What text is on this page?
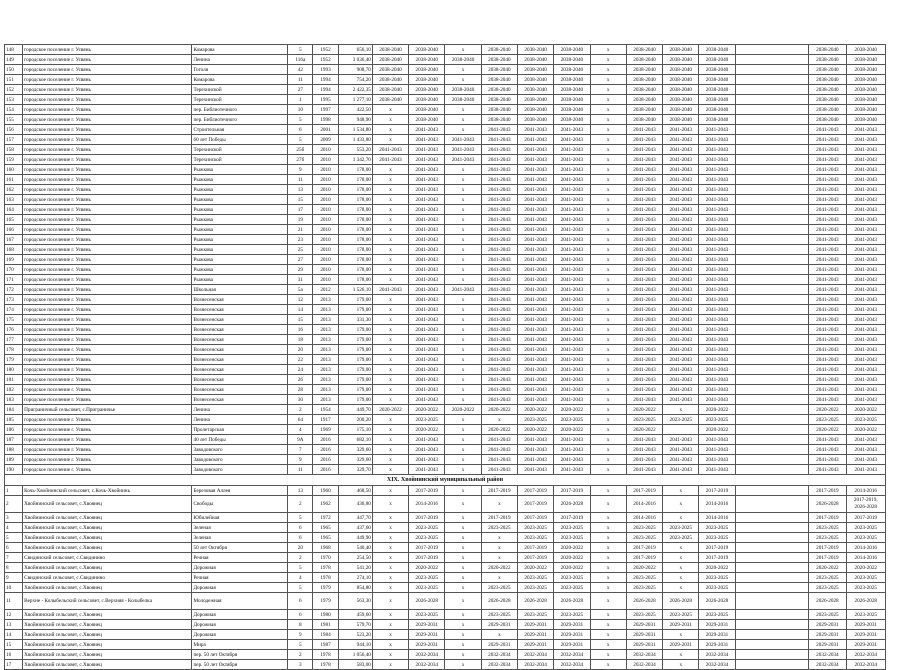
148	городское поселение г. Усвянь	Комарова	5	1952	656,10	2038-2040	2038-2040	x	2038-2040	2038-2040	2038-2040	x	2038-2040	2038-2040	2038-2040		2038-2040	2038-2040
149	городское поселение г. Усвянь	Ленина	116а	1952	3 036,40	2038-2040	2038-2040	2038-2040	2038-2040	2038-2040	2038-2040	x	2038-2040	2038-2040	2038-2040		2038-2040	2038-2040
150	городское поселение г. Усвянь	Гоголя	42	1993	908,70	2038-2040	2038-2040	x	2038-2040	2038-2040	2038-2040	x	2038-2040	2038-2040	2038-2040		2038-2040	2038-2040
151	городское поселение г. Усвянь	Комарова	11	1994	754,20	2038-2040	2038-2040	x	2038-2040	2038-2040	2038-2040	x	2038-2040	2038-2040	2038-2040		2038-2040	2038-2040
152	городское поселение г. Усвянь	Терехинской	27	1994	2 422,35	2038-2040	2038-2040	2038-2040	2038-2040	2038-2040	2038-2040	x	2038-2040	2038-2040	2038-2040		2038-2040	2038-2040
153	городское поселение г. Усвянь	Терехинской	1	1995	1 277,10	2038-2040	2038-2040	2038-2040	2038-2040	2038-2040	2038-2040	x	2038-2040	2038-2040	2038-2040		2038-2040	2038-2040
154	городское поселение г. Усвянь	пер. Библиотечного	10	1997	422,50	x	2038-2040	x	2038-2040	2038-2040	2038-2040	x	2038-2040	2038-2040	2038-2040		2038-2040	2038-2040
155	городское поселение г. Усвянь	пер. Библиотечного	5	1998	948,90	x	2038-2040	x	2038-2040	2038-2040	2038-2040	x	2038-2040	2038-2040	2038-2040		2038-2040	2038-2040
156	городское поселение г. Усвянь	Строительная	6	2001	1 534,80	x	2041-2043	x	2041-2043	2041-2043	2041-2043	x	2041-2043	2041-2043	2041-2043		2041-2043	2041-2043
157	городское поселение г. Усвянь	60 лет Победы	5	2009	1 433,80	x	2041-2043	2041-2043	2041-2043	2041-2043	2041-2043	x	2041-2043	2041-2043	2041-2043		2041-2043	2041-2043
158	городское поселение г. Усвянь	Терехинской	25б	2010	553,20	2041-2043	2041-2043	2041-2043	2041-2043	2041-2043	2041-2043	x	2041-2043	2041-2043	2041-2043		2041-2043	2041-2043
159	городское поселение г. Усвянь	Терехинской	27б	2010	1 342,70	2041-2043	2041-2043	2041-2043	2041-2043	2041-2043	2041-2043	x	2041-2043	2041-2043	2041-2043		2041-2043	2041-2043
160	городское поселение г. Усвянь	Рыжкова	9	2010	178,00	x	2041-2043	x	2041-2043	2041-2043	2041-2043	x	2041-2043	2041-2043	2041-2043		2041-2043	2041-2043
161	городское поселение г. Усвянь	Рыжкова	11	2010	178,00	x	2041-2043	x	2041-2043	2041-2043	2041-2043	x	2041-2043	2041-2043	2041-2043		2041-2043	2041-2043
162	городское поселение г. Усвянь	Рыжкова	13	2010	178,00	x	2041-2043	x	2041-2043	2041-2043	2041-2043	x	2041-2043	2041-2043	2041-2043		2041-2043	2041-2043
163	городское поселение г. Усвянь	Рыжкова	15	2010	178,00	x	2041-2043	x	2041-2043	2041-2043	2041-2043	x	2041-2043	2041-2043	2041-2043		2041-2043	2041-2043
164	городское поселение г. Усвянь	Рыжкова	17	2010	178,00	x	2041-2043	x	2041-2043	2041-2043	2041-2043	x	2041-2043	2041-2043	2041-2043		2041-2043	2041-2043
165	городское поселение г. Усвянь	Рыжкова	19	2010	178,00	x	2041-2043	x	2041-2043	2041-2043	2041-2043	x	2041-2043	2041-2043	2041-2043		2041-2043	2041-2043
166	городское поселение г. Усвянь	Рыжкова	21	2010	178,00	x	2041-2043	x	2041-2043	2041-2043	2041-2043	x	2041-2043	2041-2043	2041-2043		2041-2043	2041-2043
167	городское поселение г. Усвянь	Рыжкова	23	2010	178,00	x	2041-2043	x	2041-2043	2041-2043	2041-2043	x	2041-2043	2041-2043	2041-2043		2041-2043	2041-2043
168	городское поселение г. Усвянь	Рыжкова	25	2010	178,00	x	2041-2043	x	2041-2043	2041-2043	2041-2043	x	2041-2043	2041-2043	2041-2043		2041-2043	2041-2043
169	городское поселение г. Усвянь	Рыжкова	27	2010	178,00	x	2041-2043	x	2041-2043	2041-2043	2041-2043	x	2041-2043	2041-2043	2041-2043		2041-2043	2041-2043
170	городское поселение г. Усвянь	Рыжкова	29	2010	178,00	x	2041-2043	x	2041-2043	2041-2043	2041-2043	x	2041-2043	2041-2043	2041-2043		2041-2043	2041-2043
171	городское поселение г. Усвянь	Рыжкова	31	2010	178,00	x	2041-2043	x	2041-2043	2041-2043	2041-2043	x	2041-2043	2041-2043	2041-2043		2041-2043	2041-2043
172	городское поселение г. Усвянь	Школьная	5а	2012	1 526,10	2041-2043	2041-2043	2041-2043	2041-2043	2041-2043	2041-2043	x	2041-2043	2041-2043	2041-2043		2041-2043	2041-2043
173	городское поселение г. Усвянь	Вознесенская	12	2013	179,00	x	2041-2043	x	2041-2043	2041-2043	2041-2043	x	2041-2043	2041-2043	2041-2043		2041-2043	2041-2043
174	городское поселение г. Усвянь	Вознесенская	14	2013	179,00	x	2041-2043	x	2041-2043	2041-2043	2041-2043	x	2041-2043	2041-2043	2041-2043		2041-2043	2041-2043
175	городское поселение г. Усвянь	Вознесенская	15	2013	331,30	x	2041-2043	x	2041-2043	2041-2043	2041-2043	x	2041-2043	2041-2043	2041-2043		2041-2043	2041-2043
176	городское поселение г. Усвянь	Вознесенская	16	2013	179,00	x	2041-2043	x	2041-2043	2041-2043	2041-2043	x	2041-2043	2041-2043	2041-2043		2041-2043	2041-2043
177	городское поселение г. Усвянь	Вознесенская	18	2013	179,00	x	2041-2043	x	2041-2043	2041-2043	2041-2043	x	2041-2043	2041-2043	2041-2043		2041-2043	2041-2043
178	городское поселение г. Усвянь	Вознесенская	20	2013	179,00	x	2041-2043	x	2041-2043	2041-2043	2041-2043	x	2041-2043	2041-2043	2041-2043		2041-2043	2041-2043
179	городское поселение г. Усвянь	Вознесенская	22	2013	179,00	x	2041-2043	x	2041-2043	2041-2043	2041-2043	x	2041-2043	2041-2043	2041-2043		2041-2043	2041-2043
180	городское поселение г. Усвянь	Вознесенская	24	2013	179,00	x	2041-2043	x	2041-2043	2041-2043	2041-2043	x	2041-2043	2041-2043	2041-2043		2041-2043	2041-2043
181	городское поселение г. Усвянь	Вознесенская	26	2013	179,00	x	2041-2043	x	2041-2043	2041-2043	2041-2043	x	2041-2043	2041-2043	2041-2043		2041-2043	2041-2043
182	городское поселение г. Усвянь	Вознесенская	28	2013	179,00	x	2041-2043	x	2041-2043	2041-2043	2041-2043	x	2041-2043	2041-2043	2041-2043		2041-2043	2041-2043
183	городское поселение г. Усвянь	Вознесенская	30	2013	179,00	x	2041-2043	x	2041-2043	2041-2043	2041-2043	x	2041-2043	2041-2043	2041-2043		2041-2043	2041-2043
184	Приграничный сельсовет, с.Приграничье	Ленина	2	1954	449,70	2020-2022	2020-2022	2020-2022	2020-2022	2020-2022	2020-2022	x	2020-2022	x	2020-2022		2020-2022	2020-2022
185	городское поселение г. Усвянь	Ленина	64	1917	200,20	x	2023-2025	x	x	2023-2025	2023-2025	x	2023-2025	2023-2025	2023-2025		2023-2025	2023-2025
186	городское поселение г. Усвянь	Пролетарская	4	1969	175,10	x	2020-2022	x	2020-2022	2020-2022	2020-2022	x	2020-2022		2020-2022		2020-2022	2020-2022
187	городское поселение г. Усвянь	40 лет Победы	9А	2016	682,10	x	2041-2043	x	2041-2043	2041-2043	2041-2043	x	2041-2043	2041-2043	2041-2043		2041-2043	2041-2043
188	городское поселение г. Усвянь	Заводовского	7	2016	329,60	x	2041-2043	x	2041-2043	2041-2043	2041-2043	x	2041-2043	2041-2043	2041-2043		2041-2043	2041-2043
189	городское поселение г. Усвянь	Заводовского	9	2016	329,60	x	2041-2043	x	2041-2043	2041-2043	2041-2043	x	2041-2043	2041-2043	2041-2043		2041-2043	2041-2043
190	городское поселение г. Усвянь	Заводовского	11	2016	329,70	x	2041-2043	x	2041-2043	2041-2043	2041-2043	x	2041-2043	2041-2043	2041-2043		2041-2043	2041-2043
XIX. Хвойнинский муниципальный район																		
1	Кочь-Хвойнинский сельсовет, с.Кочь-Хвойнинь	Березовая Аллея	13	1960	468,50	x	2017-2019	x	2017-2019	2017-2019	2017-2019	x	2017-2019	x	2017-2019		2017-2019	2014-2016
2	Хвойнинский сельсовет, с.Хвоянец	Свободы	2	1962	430,80	x	2014-2016	x	x	2017-2019	2026-2028	x	2014-2016	x	2014-2016		2026-2028	2017-2019,
2026-2028
3	Хвойнинский сельсовет, с.Хвоянец	Юбилейная	5	1972	447,70	x	2017-2019	x	2017-2019	2017-2019	2017-2019	x	2014-2016	x	2014-2016		2017-2019	2017-2019
4	Хвойнинский сельсовет, с.Хвоянец	Зеленая	6	1965	437,60	x	2023-2025	x	2023-2025	2023-2025	2023-2025	x	2023-2025	2023-2025	2023-2025		2023-2025	2023-2025
5	Хвойнинский сельсовет, с.Хвоянец	Зеленая	6	1965	449,90	x	2023-2025	x	x	2023-2025	2023-2025	x	2023-2025	2023-2025	2023-2025		2023-2025	2023-2025
6	Хвойнинский сельсовет, с.Хвоянец	50 лет Октября	20	1968	540,40	x	2017-2019	x	x	2017-2019	2020-2022	x	2017-2019	x	2017-2019		2017-2019	2014-2016
7	Свидинский сельсовет, с.Свидинино	Речная	2	1970	254,50	x	2017-2019	x	x	2017-2019	2020-2022	x	2017-2019	x	2017-2019		2017-2019	2014-2016
8	Хвойнинский сельсовет, с.Хвоянец	Дорожная	5	1978	541,20	x	2020-2022	x	2020-2022	2020-2022	2020-2022	x	2020-2022	x	2020-2022		2020-2022	2020-2022
9	Свидинский сельсовет, с.Свидинино	Речная	4	1978	274,10	x	2023-2025	x	x	2023-2025	2023-2025	x	2023-2025	x	2023-2025		2023-2025	2023-2025
10	Хвойнинский сельсовет, с.Хвоянец	Дорожная	5	1979	854,80	x	2023-2025	x	2023-2025	2023-2025	2023-2025	x	2023-2025	x	2023-2025		2023-2025	2023-2025
11	Верхне - Колыбельский сельсовет, с.Верхняя - Колыбелка	Молодежная	6	1979	563,30	x	2026-2028	x	2026-2028	2026-2028	2026-2028	x	2026-2028	2026-2028	2026-2028		2026-2028	2026-2028
12	Хвойнинский сельсовет, с.Хвоянец	Дорожная	6	1980	459,60	x	2023-2025	x	2023-2025	2023-2025	2023-2025	x	2023-2025	2023-2025	2023-2025		2023-2025	2023-2025
13	Хвойнинский сельсовет, с.Хвоянец	Дорожная	8	1981	579,70	x	2029-2031	x	2029-2031	2029-2031	2029-2031	x	2029-2031	2029-2031	2029-2031		2029-2031	2029-2031
14	Хвойнинский сельсовет, с.Хвоянец	Дорожная	9	1984	523,20	x	2029-2031	x	x	2029-2031	2029-2031	x	2029-2031	x	2029-2031		2029-2031	2029-2031
15	Хвойнинский сельсовет, с.Хвоянец	Мира	5	1987	944,10	x	2029-2031	x	2029-2031	2029-2031	2029-2031	x	2029-2031	2029-2031	2029-2031		2029-2031	2029-2031
16	Хвойнинский сельсовет, с.Хвоянец	пер. 50 лет Октября	2	1978	1 056,40	x	2032-2034	x	2032-2034	2032-2034	2032-2034	x	2032-2034	x	2032-2034		2032-2034	2032-2034
17	Хвойнинский сельсовет, с.Хвоянец	пер. 50 лет Октября	3	1978	583,00	x	2032-2034	x	2032-2034	2032-2034	2032-2034	x	2032-2034	x	2032-2034		2032-2034	2032-2034
